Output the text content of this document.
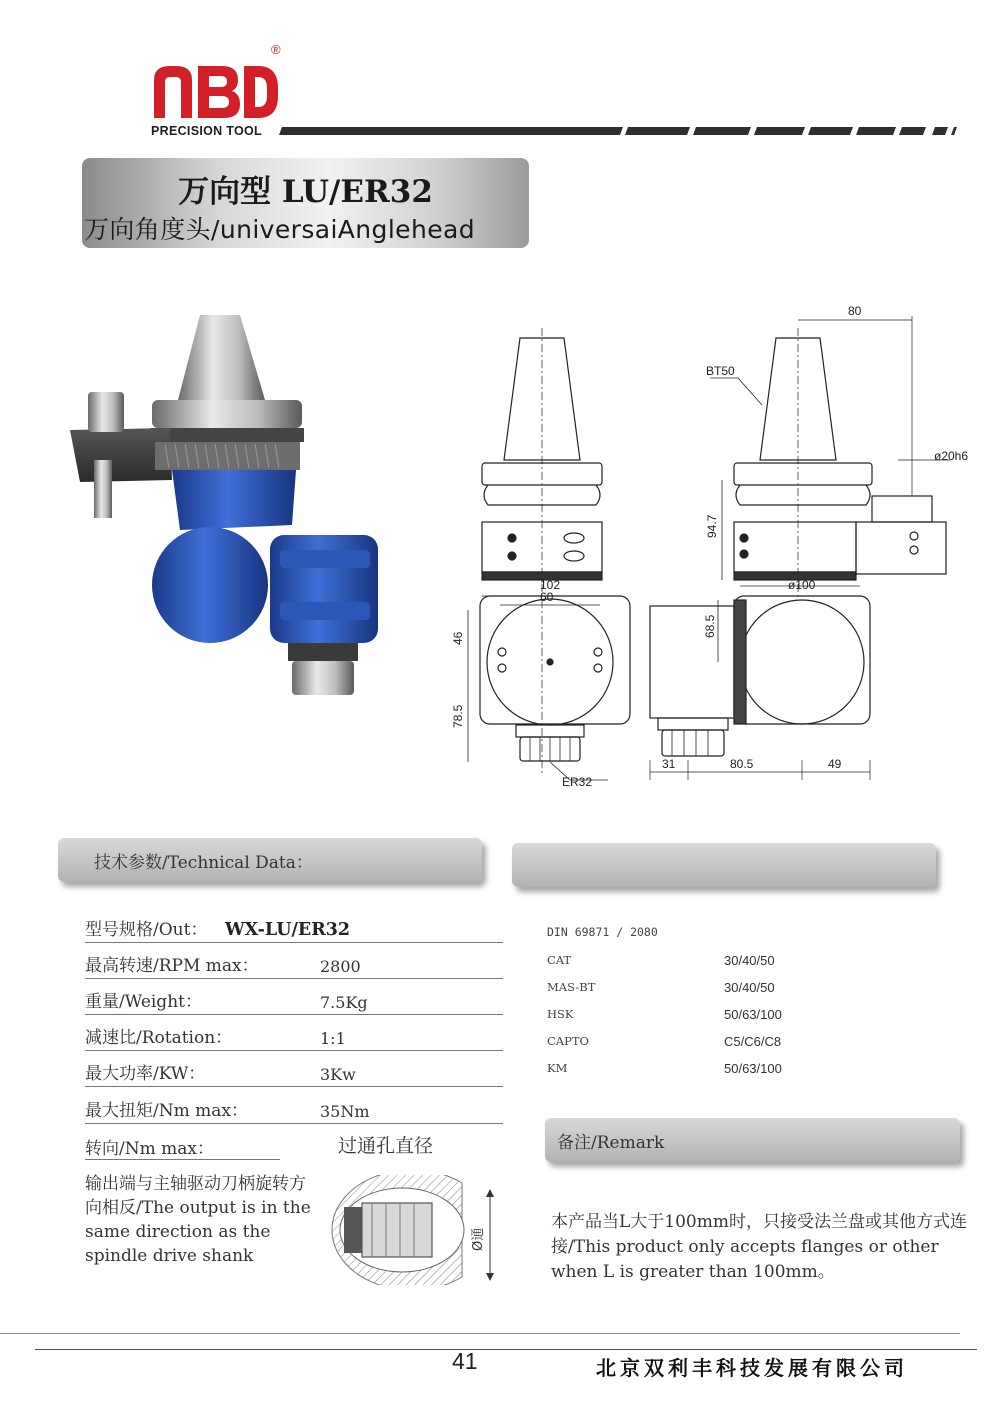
®
PRECISION TOOL
万向型 LU/ER32
万向角度头/universaiAnglehead
46
78.5
102
60
ER32
80
BT50
ø20h6
94.7
ø100
68.5
31	80.5	49
技术参数/Technical Data：
型号规格/Out： WX-LU/ER32
最高转速/RPM max：	2800
重量/Weight：	7.5Kg
减速比/Rotation：	1:1
最大功率/KW：	3Kw
最大扭矩/Nm max：	35Nm
转向/Nm max：	过通孔直径
输出端与主轴驱动刀柄旋转方向相反/The output is in the same direction as the spindle drive shank
Ø通
DIN 69871 / 2080
CAT	30/40/50
MAS-BT	30/40/50
HSK	50/63/100
CAPTO	C5/C6/C8
KM	50/63/100
备注/Remark
本产品当L大于100mm时，只接受法兰盘或其他方式连接/This product only accepts flanges or other when L is greater than 100mm。
41	北京双利丰科技发展有限公司
